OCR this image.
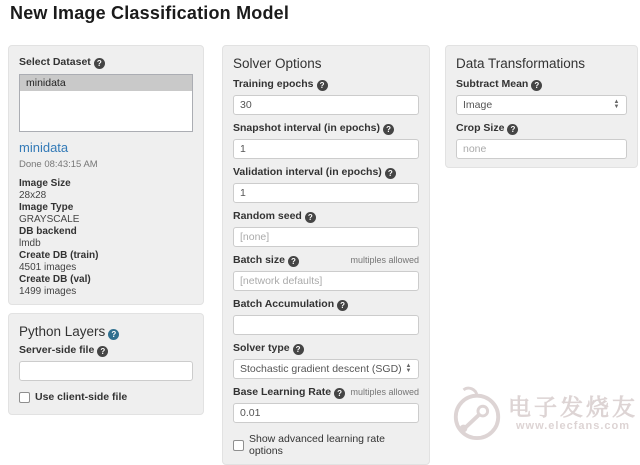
New Image Classification Model
Select Dataset ?
minidata
minidata
Done 08:43:15 AM
Image Size
28x28
Image Type
GRAYSCALE
DB backend
lmdb
Create DB (train)
4501 images
Create DB (val)
1499 images
Python Layers ?
Server-side file ?
Use client-side file
Solver Options
Training epochs ?
30
Snapshot interval (in epochs) ?
1
Validation interval (in epochs) ?
1
Random seed ?
[none]
Batch size ?	multiples allowed
[network defaults]
Batch Accumulation ?
Solver type ?
Stochastic gradient descent (SGD) ▲
▼
Base Learning Rate ? multiples allowed
0.01
Show advanced learning rate options
Data Transformations
Subtract Mean ?
Image	▲
▼
Crop Size ?
none
电子发烧友
www.elecfans.com
